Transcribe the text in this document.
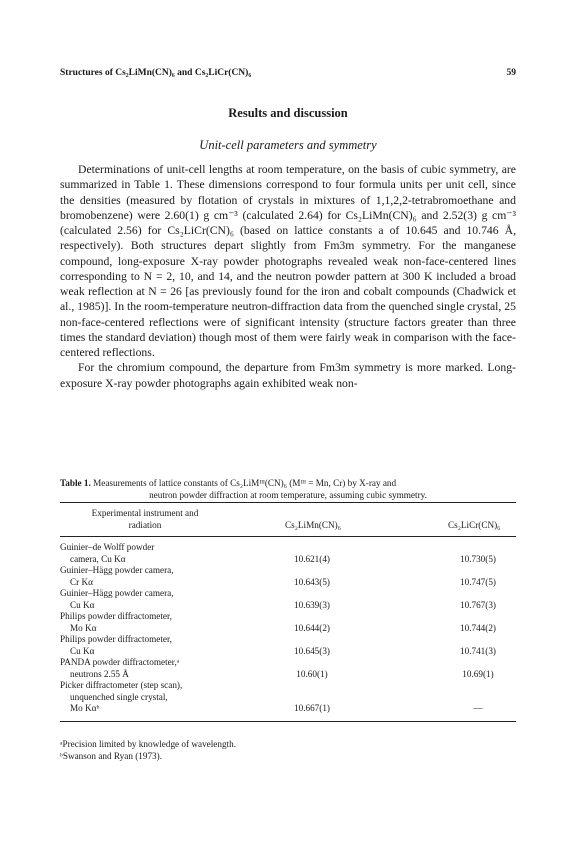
Structures of Cs₂LiMn(CN)₆ and Cs₂LiCr(CN)₆	59
Results and discussion
Unit-cell parameters and symmetry

Determinations of unit-cell lengths at room temperature, on the basis of cubic symmetry, are summarized in Table 1. These dimensions correspond to four formula units per unit cell, since the densities (measured by flotation of crystals in mixtures of 1,1,2,2-tetrabromoethane and bromobenzene) were 2.60(1) g cm⁻³ (calculated 2.64) for Cs₂LiMn(CN)₆ and 2.52(3) g cm⁻³ (calculated 2.56) for Cs₂LiCr(CN)₆ (based on lattice constants a of 10.645 and 10.746 Å, respectively). Both structures depart slightly from Fm3m symmetry. For the manganese compound, long-exposure X-ray powder photographs revealed weak non-face-centered lines corresponding to N = 2, 10, and 14, and the neutron powder pattern at 300 K included a broad weak reflection at N = 26 [as previously found for the iron and cobalt compounds (Chadwick et al., 1985)]. In the room-temperature neutron-diffraction data from the quenched single crystal, 25 non-face-centered reflections were of significant intensity (structure factors greater than three times the standard deviation) though most of them were fairly weak in comparison with the face-centered reflections.

For the chromium compound, the departure from Fm3m symmetry is more marked. Long-exposure X-ray powder photographs again exhibited weak non-

Table 1. Measurements of lattice constants of Cs₂LiMᴵᴵᴵ(CN)₆ (Mᴵᴵᴵ = Mn, Cr) by X-ray and
neutron powder diffraction at room temperature, assuming cubic symmetry.
Experimental instrument and
radiation	Cs₂LiMn(CN)₆	Cs₂LiCr(CN)₆
Guinier–de Wolff powder
camera, Cu Kα	10.621(4)	10.730(5)
Guinier–Hägg powder camera,
Cr Kα	10.643(5)	10.747(5)
Guinier–Hägg powder camera,
Cu Kα	10.639(3)	10.767(3)
Philips powder diffractometer,
Mo Kα	10.644(2)	10.744(2)
Philips powder diffractometer,
Cu Kα	10.645(3)	10.741(3)
PANDA powder diffractometer,ᵃ
neutrons 2.55 Å	10.60(1)	10.69(1)
Picker diffractometer (step scan),
unquenched single crystal,
Mo Kαᵇ	10.667(1)	—
ᵃPrecision limited by knowledge of wavelength.
ᵇSwanson and Ryan (1973).
